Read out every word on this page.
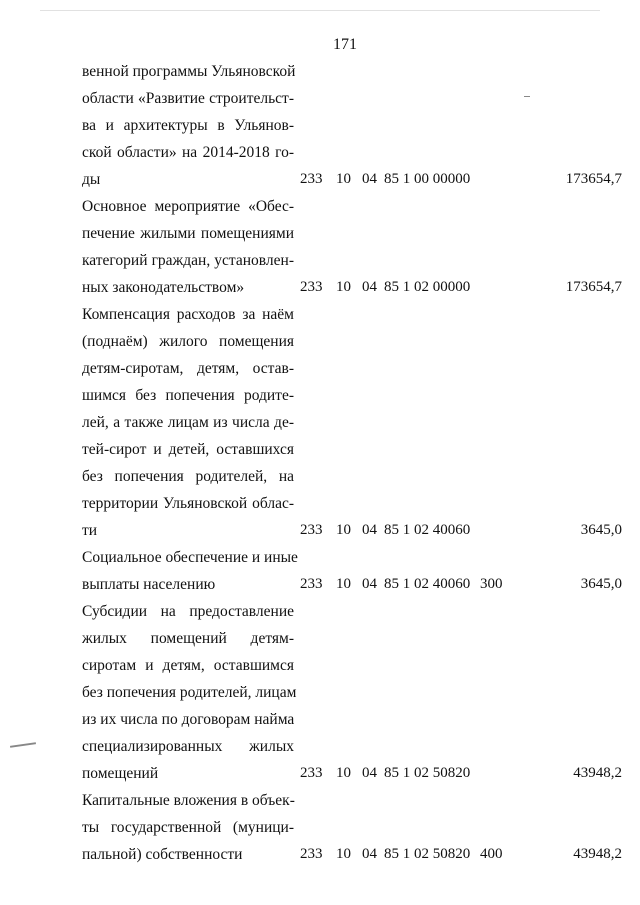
171
венной программы Ульяновской
области «Развитие строительст-
ва и архитектуры в Ульянов-
ской области» на 2014-2018 го-
ды	233 10 04 85 1 00 00000	173654,7
Основное мероприятие «Обес-
печение жилыми помещениями
категорий граждан, установлен-
ных законодательством»	233 10 04 85 1 02 00000	173654,7
Компенсация расходов за наём
(поднаём) жилого помещения
детям-сиротам, детям, остав-
шимся без попечения родите-
лей, а также лицам из числа де-
тей-сирот и детей, оставшихся
без попечения родителей, на
территории Ульяновской облас-
ти	233 10 04 85 1 02 40060	3645,0
Социальное обеспечение и иные
выплаты населению	233 10 04 85 1 02 40060 300	3645,0
Субсидии на предоставление
жилых помещений детям-
сиротам и детям, оставшимся
без попечения родителей, лицам
из их числа по договорам найма
специализированных жилых
помещений	233 10 04 85 1 02 50820	43948,2
Капитальные вложения в объек-
ты государственной (муници-
пальной) собственности	233 10 04 85 1 02 50820 400	43948,2
